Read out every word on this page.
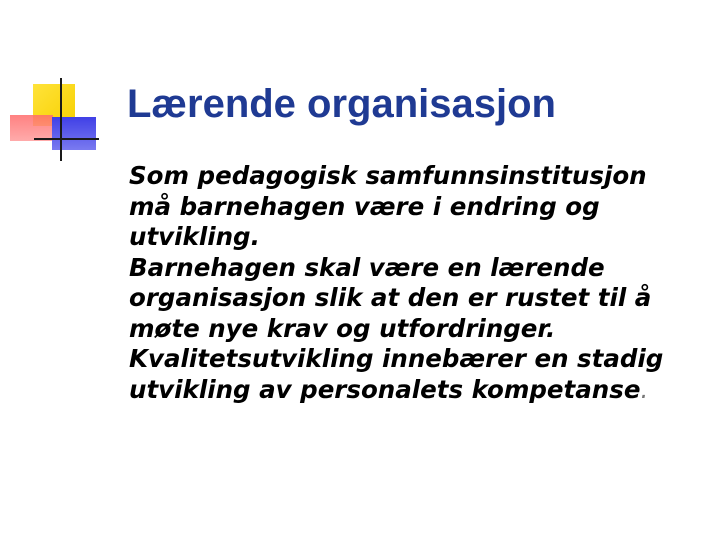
Lærende organisasjon

Som pedagogisk samfunnsinstitusjon
må barnehagen være i endring og
utvikling.

Barnehagen skal være en lærende
organisasjon slik at den er rustet til å
møte nye krav og utfordringer.

Kvalitetsutvikling innebærer en stadig
utvikling av personalets kompetanse.
